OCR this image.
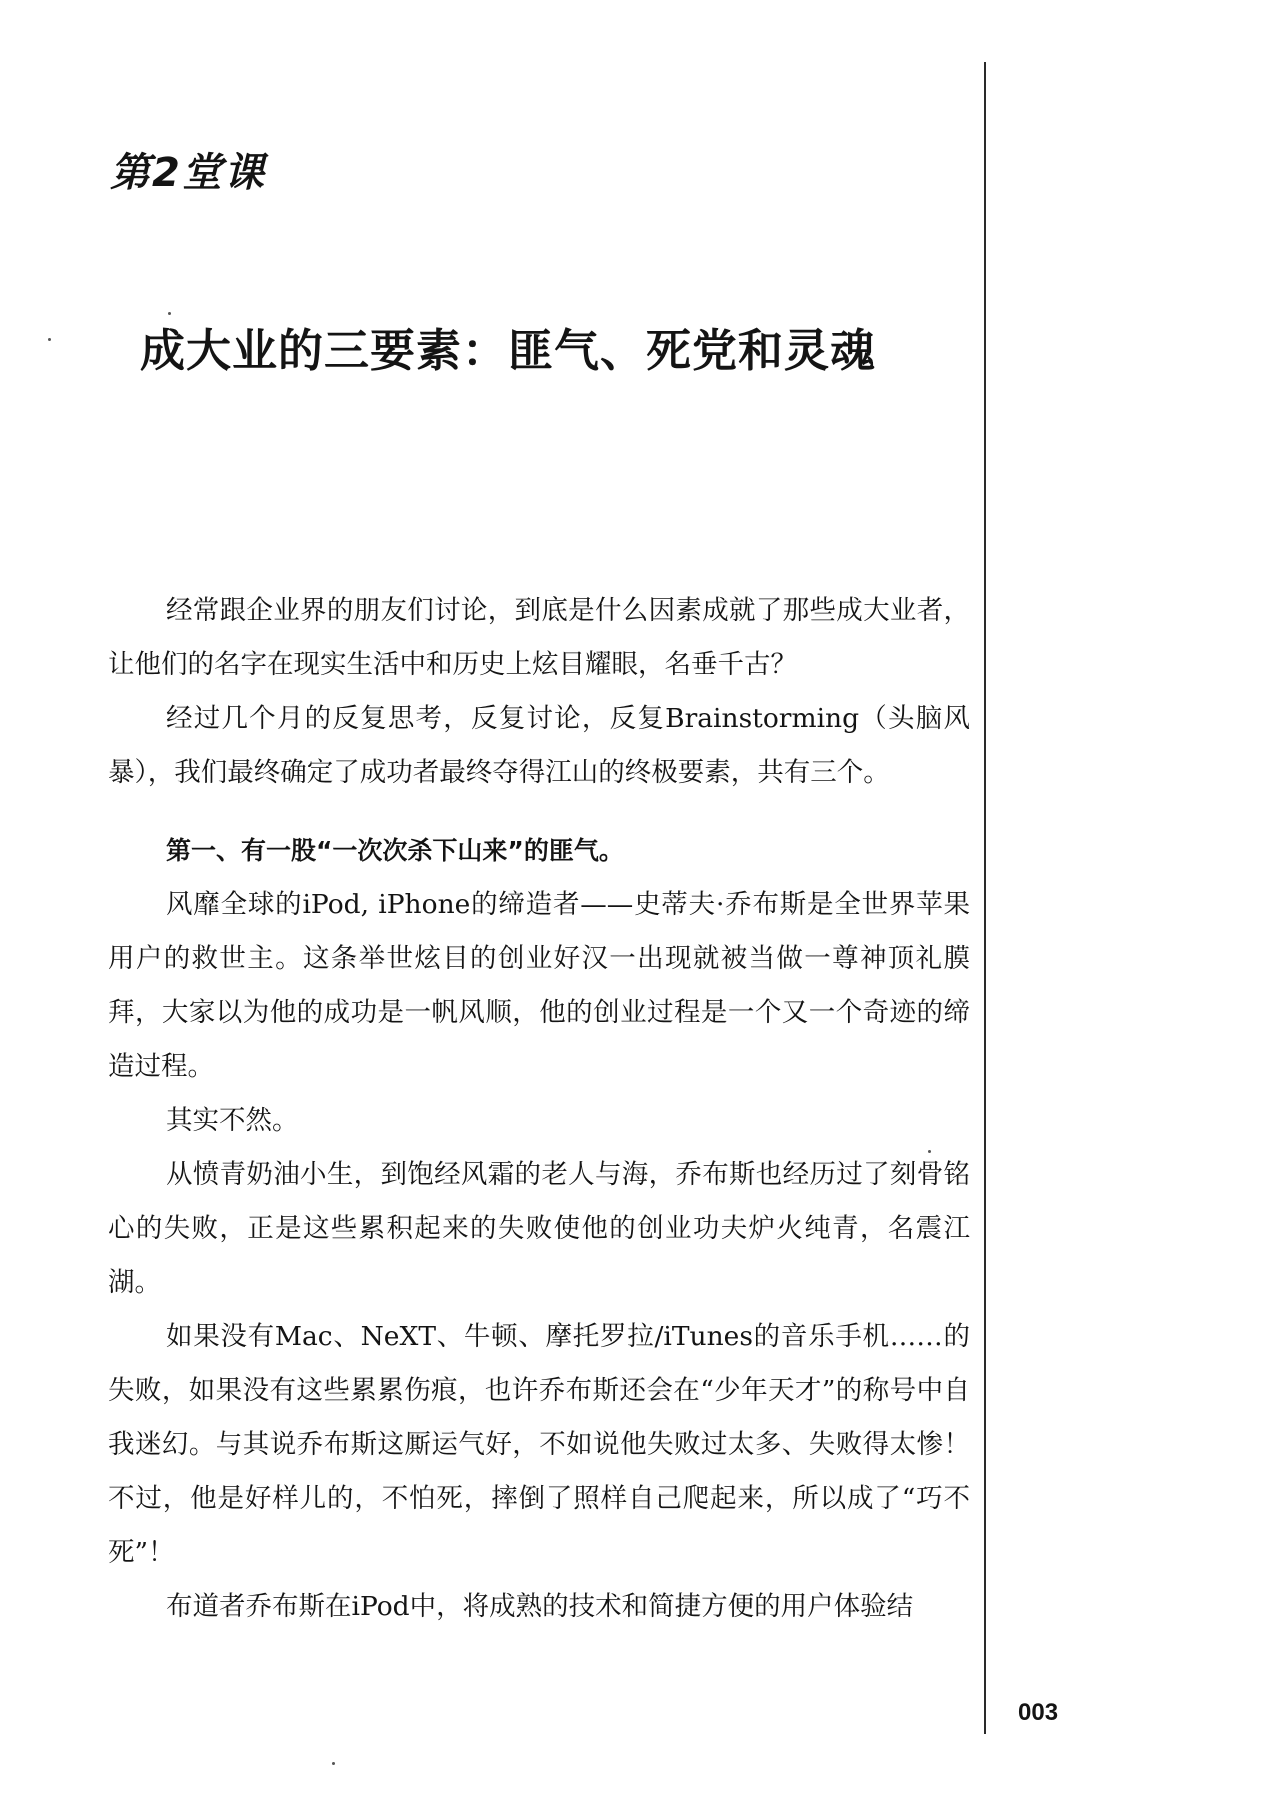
第2堂课
成大业的三要素：匪气、死党和灵魂

经常跟企业界的朋友们讨论，到底是什么因素成就了那些成大业者，让他们的名字在现实生活中和历史上炫目耀眼，名垂千古？

经过几个月的反复思考，反复讨论，反复Brainstorming（头脑风暴），我们最终确定了成功者最终夺得江山的终极要素，共有三个。

第一、有一股“一次次杀下山来”的匪气。

风靡全球的iPod, iPhone的缔造者——史蒂夫·乔布斯是全世界苹果用户的救世主。这条举世炫目的创业好汉一出现就被当做一尊神顶礼膜拜，大家以为他的成功是一帆风顺，他的创业过程是一个又一个奇迹的缔造过程。

其实不然。

从愤青奶油小生，到饱经风霜的老人与海，乔布斯也经历过了刻骨铭心的失败，正是这些累积起来的失败使他的创业功夫炉火纯青，名震江湖。

如果没有Mac、NeXT、牛顿、摩托罗拉/iTunes的音乐手机……的失败，如果没有这些累累伤痕，也许乔布斯还会在“少年天才”的称号中自我迷幻。与其说乔布斯这厮运气好，不如说他失败过太多、失败得太惨！不过，他是好样儿的，不怕死，摔倒了照样自己爬起来，所以成了“巧不死”！

布道者乔布斯在iPod中，将成熟的技术和简捷方便的用户体验结

003
